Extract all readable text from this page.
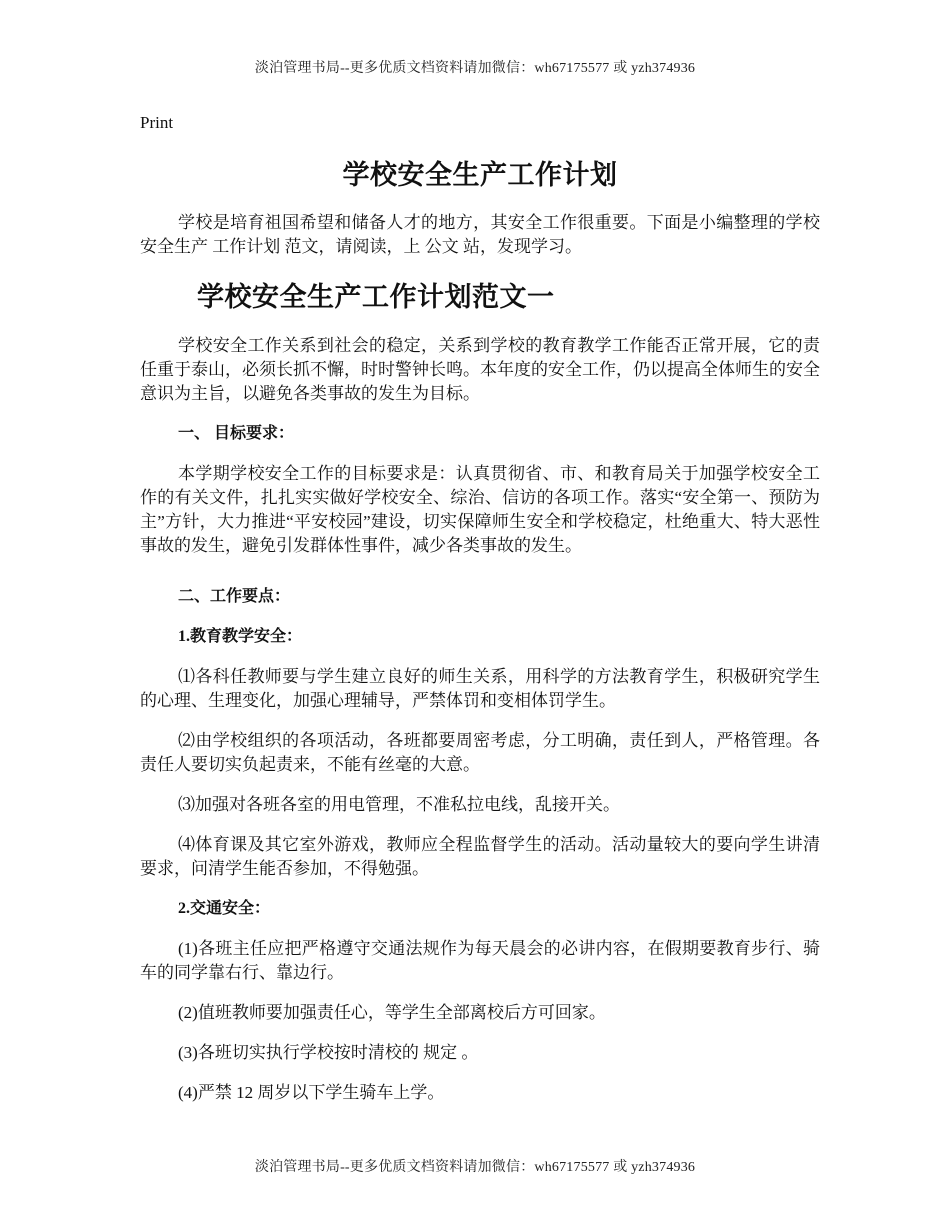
淡泊管理书局--更多优质文档资料请加微信：wh67175577 或 yzh374936
Print
学校安全生产工作计划

学校是培育祖国希望和储备人才的地方，其安全工作很重要。下面是小编整理的学校安全生产 工作计划 范文，请阅读，上 公文 站，发现学习。

学校安全生产工作计划范文一

学校安全工作关系到社会的稳定，关系到学校的教育教学工作能否正常开展，它的责任重于泰山，必须长抓不懈，时时警钟长鸣。本年度的安全工作，仍以提高全体师生的安全意识为主旨，以避免各类事故的发生为目标。

一、 目标要求：

本学期学校安全工作的目标要求是：认真贯彻省、市、和教育局关于加强学校安全工作的有关文件，扎扎实实做好学校安全、综治、信访的各项工作。落实“安全第一、预防为主”方针，大力推进“平安校园”建设，切实保障师生安全和学校稳定，杜绝重大、特大恶性事故的发生，避免引发群体性事件，减少各类事故的发生。

二、工作要点：
1.教育教学安全：

⑴各科任教师要与学生建立良好的师生关系，用科学的方法教育学生，积极研究学生的心理、生理变化，加强心理辅导，严禁体罚和变相体罚学生。

⑵由学校组织的各项活动，各班都要周密考虑，分工明确，责任到人，严格管理。各责任人要切实负起责来，不能有丝毫的大意。

⑶加强对各班各室的用电管理，不准私拉电线，乱接开关。

⑷体育课及其它室外游戏，教师应全程监督学生的活动。活动量较大的要向学生讲清要求，问清学生能否参加，不得勉强。

2.交通安全：

(1)各班主任应把严格遵守交通法规作为每天晨会的必讲内容，在假期要教育步行、骑车的同学靠右行、靠边行。

(2)值班教师要加强责任心，等学生全部离校后方可回家。

(3)各班切实执行学校按时清校的 规定 。

(4)严禁 12 周岁以下学生骑车上学。

淡泊管理书局--更多优质文档资料请加微信：wh67175577 或 yzh374936
